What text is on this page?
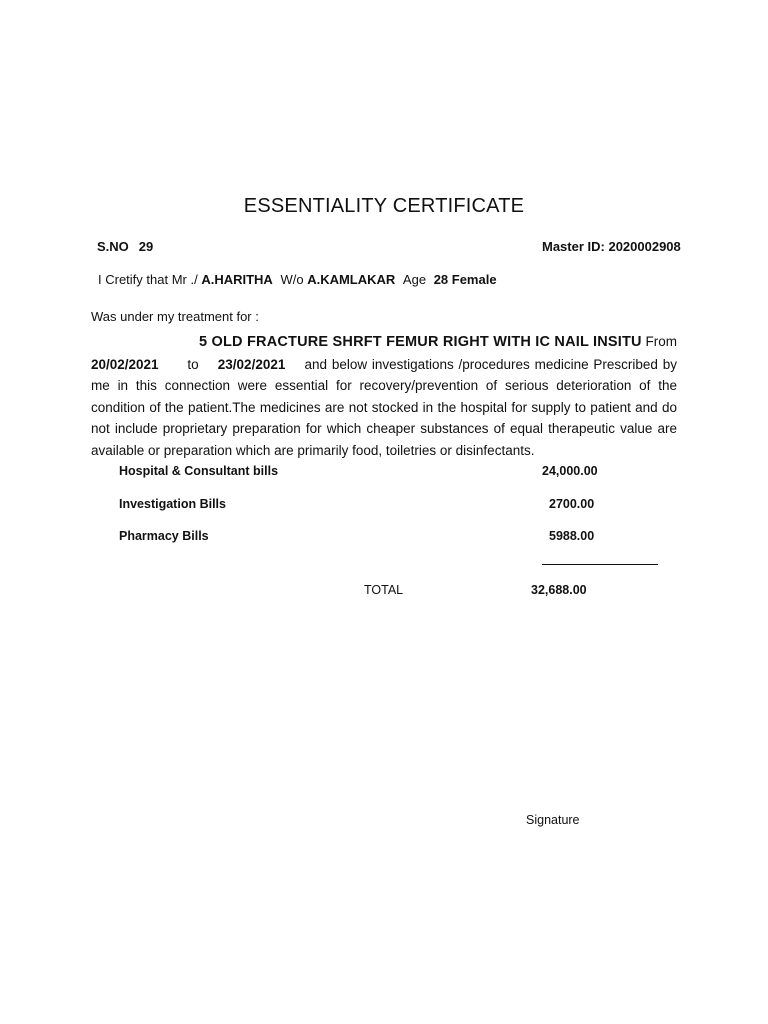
ESSENTIALITY CERTIFICATE
S.NO 29	Master ID: 2020002908
I Cretify that Mr ./ A.HARITHA W/o A.KAMLAKAR Age 28 Female
Was under my treatment for :
5 OLD FRACTURE SHRFT FEMUR RIGHT WITH IC NAIL INSITU From
20/02/2021 to 23/02/2021 and below investigations /procedures medicine Prescribed by me in this connection were essential for recovery/prevention of serious deterioration of the condition of the patient.The medicines are not stocked in the hospital for supply to patient and do not include proprietary preparation for which cheaper substances of equal therapeutic value are available or preparation which are primarily food, toiletries or disinfectants.
Hospital & Consultant bills	24,000.00
Investigation Bills	2700.00
Pharmacy Bills	5988.00
TOTAL	32,688.00
Signature
